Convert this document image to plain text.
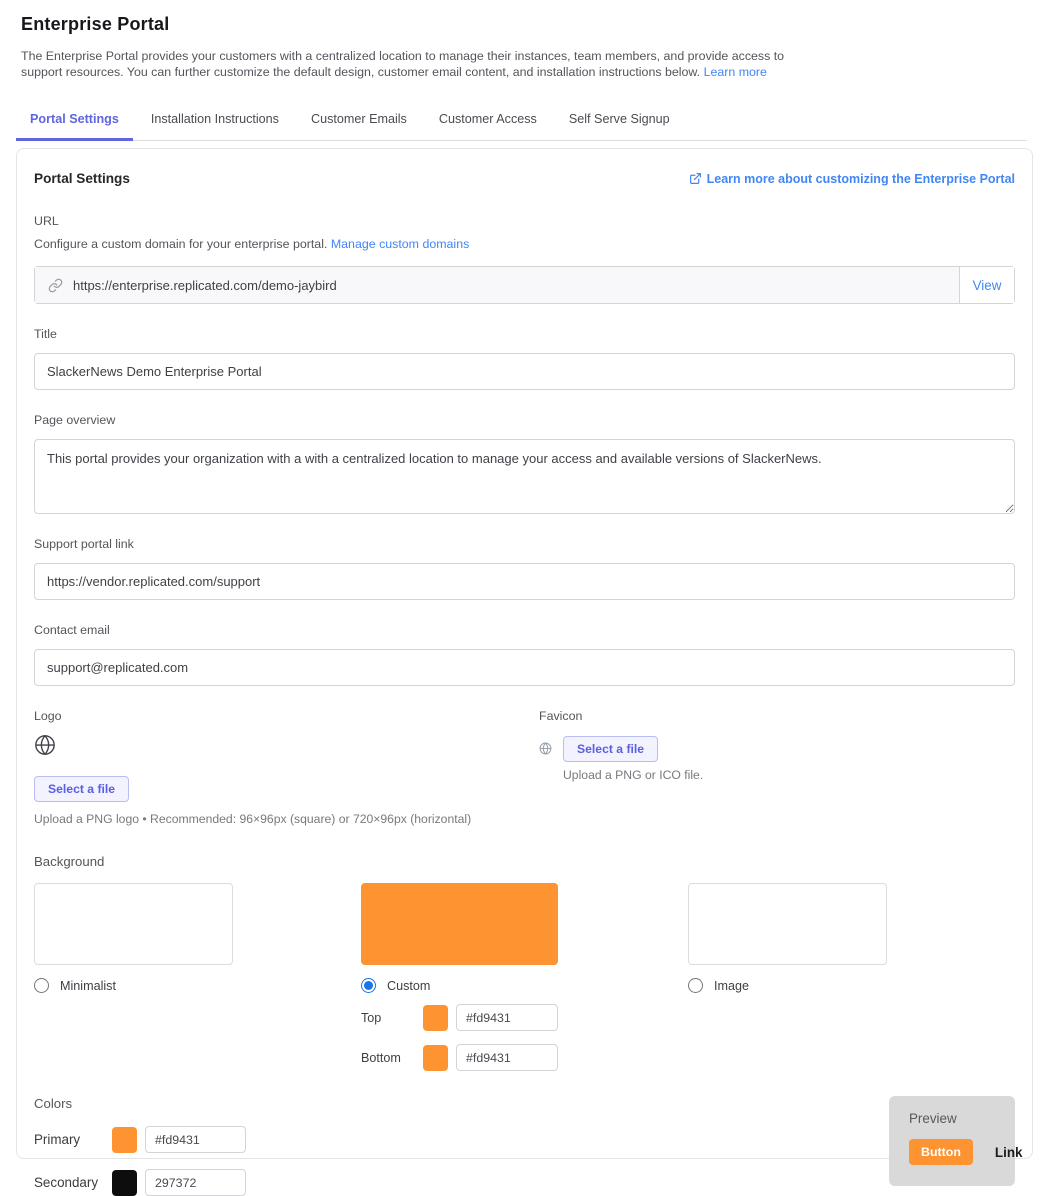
Enterprise Portal

The Enterprise Portal provides your customers with a centralized location to manage their instances, team members, and provide access to support resources. You can further customize the default design, customer email content, and installation instructions below. Learn more

Portal Settings	Installation Instructions	Customer Emails	Customer Access	Self Serve Signup
Portal Settings	Learn more about customizing the Enterprise Portal
URL
Configure a custom domain for your enterprise portal. Manage custom domains
https://enterprise.replicated.com/demo-jaybird
View
Title
SlackerNews Demo Enterprise Portal
Page overview
This portal provides your organization with a with a centralized location to manage your access and available versions of SlackerNews.
Support portal link
https://vendor.replicated.com/support
Contact email
support@replicated.com
Logo
Select a file
Upload a PNG logo • Recommended: 96×96px (square) or 720×96px (horizontal)
Favicon
Select a file
Upload a PNG or ICO file.
Background
Minimalist	Custom
Top
#fd9431
Bottom
#fd9431
Image
Colors
Primary
#fd9431
Secondary
297372
Preview
Button	Link
